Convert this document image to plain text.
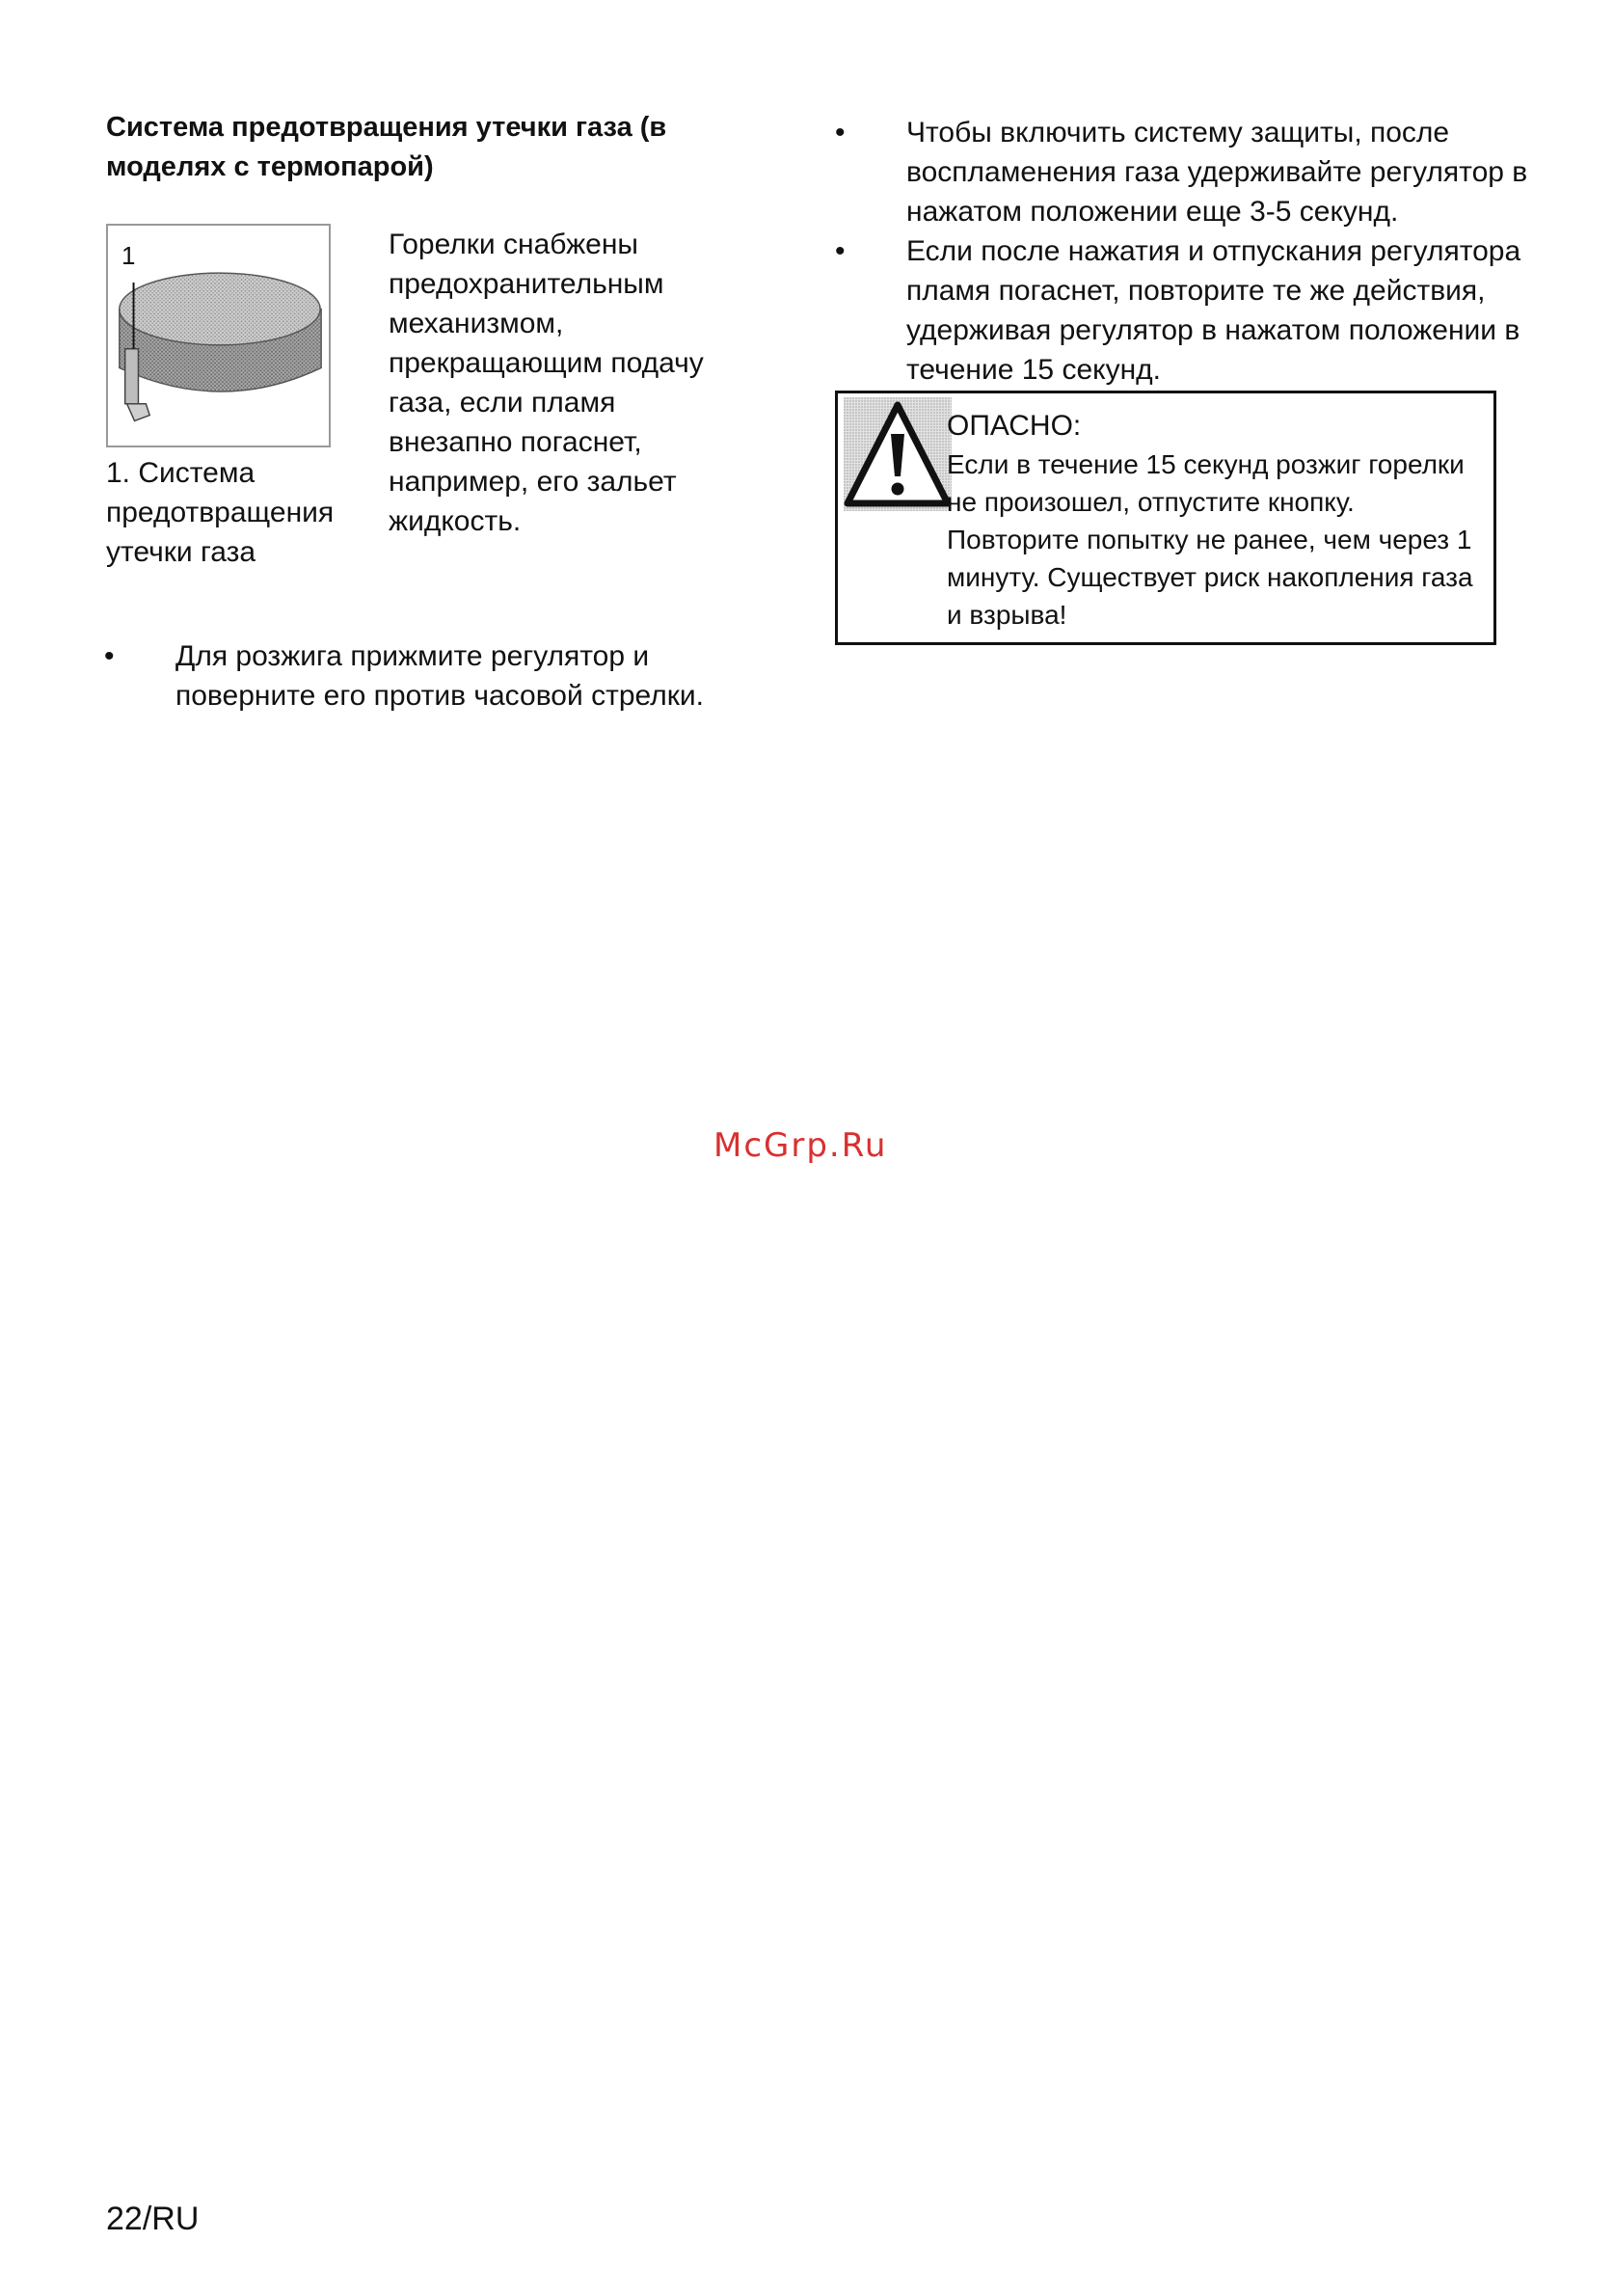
Система предотвращения утечки газа (в моделях с термопарой)
1
1. Система предотвращения утечки газа
Горелки снабжены предохранительным механизмом, прекращающим подачу газа, если пламя внезапно погаснет, например, его зальет жидкость.
• Для розжига прижмите регулятор и поверните его против часовой стрелки.
• Чтобы включить систему защиты, после воспламенения газа удерживайте регулятор в нажатом положении еще 3-5 секунд.
• Если после нажатия и отпускания регулятора пламя погаснет, повторите те же действия, удерживая регулятор в нажатом положении в течение 15 секунд.
ОПАСНО:
Если в течение 15 секунд розжиг горелки не произошел, отпустите кнопку. Повторите попытку не ранее, чем через 1 минуту. Существует риск накопления газа и взрыва!
McGrp.Ru
22/RU
